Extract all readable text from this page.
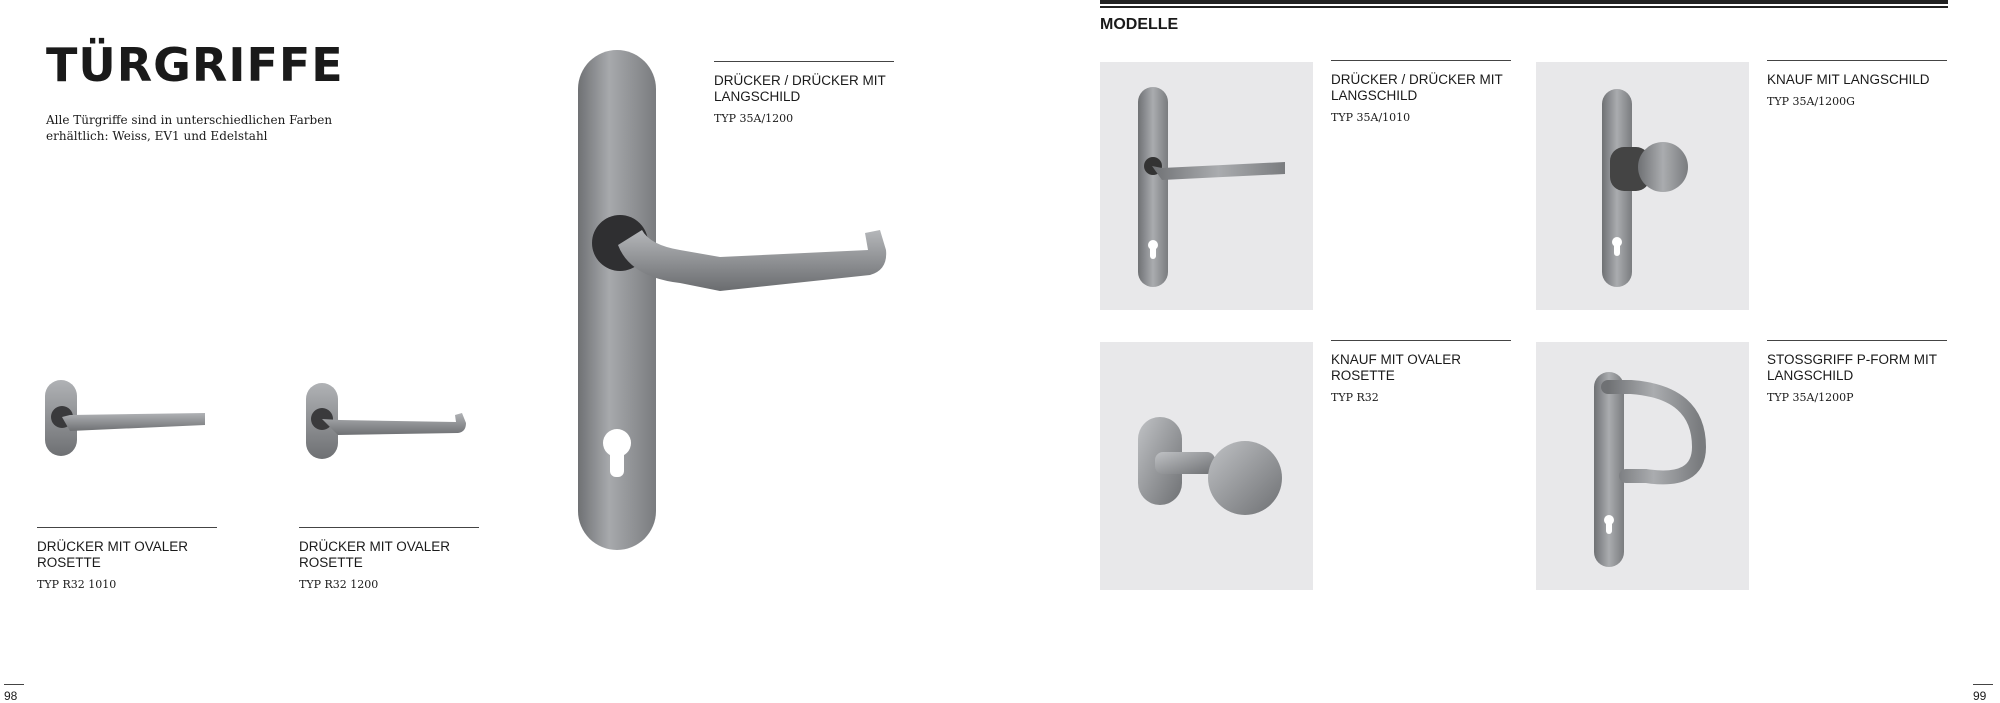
TÜRGRIFFE
Alle Türgriffe sind in unterschiedlichen Farben erhältlich: Weiss, EV1 und Edelstahl
DRÜCKER MIT OVALER ROSETTE
TYP R32 1010
DRÜCKER MIT OVALER ROSETTE
TYP R32 1200
DRÜCKER / DRÜCKER MIT LANGSCHILD
TYP 35A/1200
98
MODELLE
DRÜCKER / DRÜCKER MIT LANGSCHILD
TYP 35A/1010
KNAUF MIT LANGSCHILD
TYP 35A/1200G
KNAUF MIT OVALER ROSETTE
TYP R32
STOSSGRIFF P-FORM MIT LANGSCHILD
TYP 35A/1200P
99
